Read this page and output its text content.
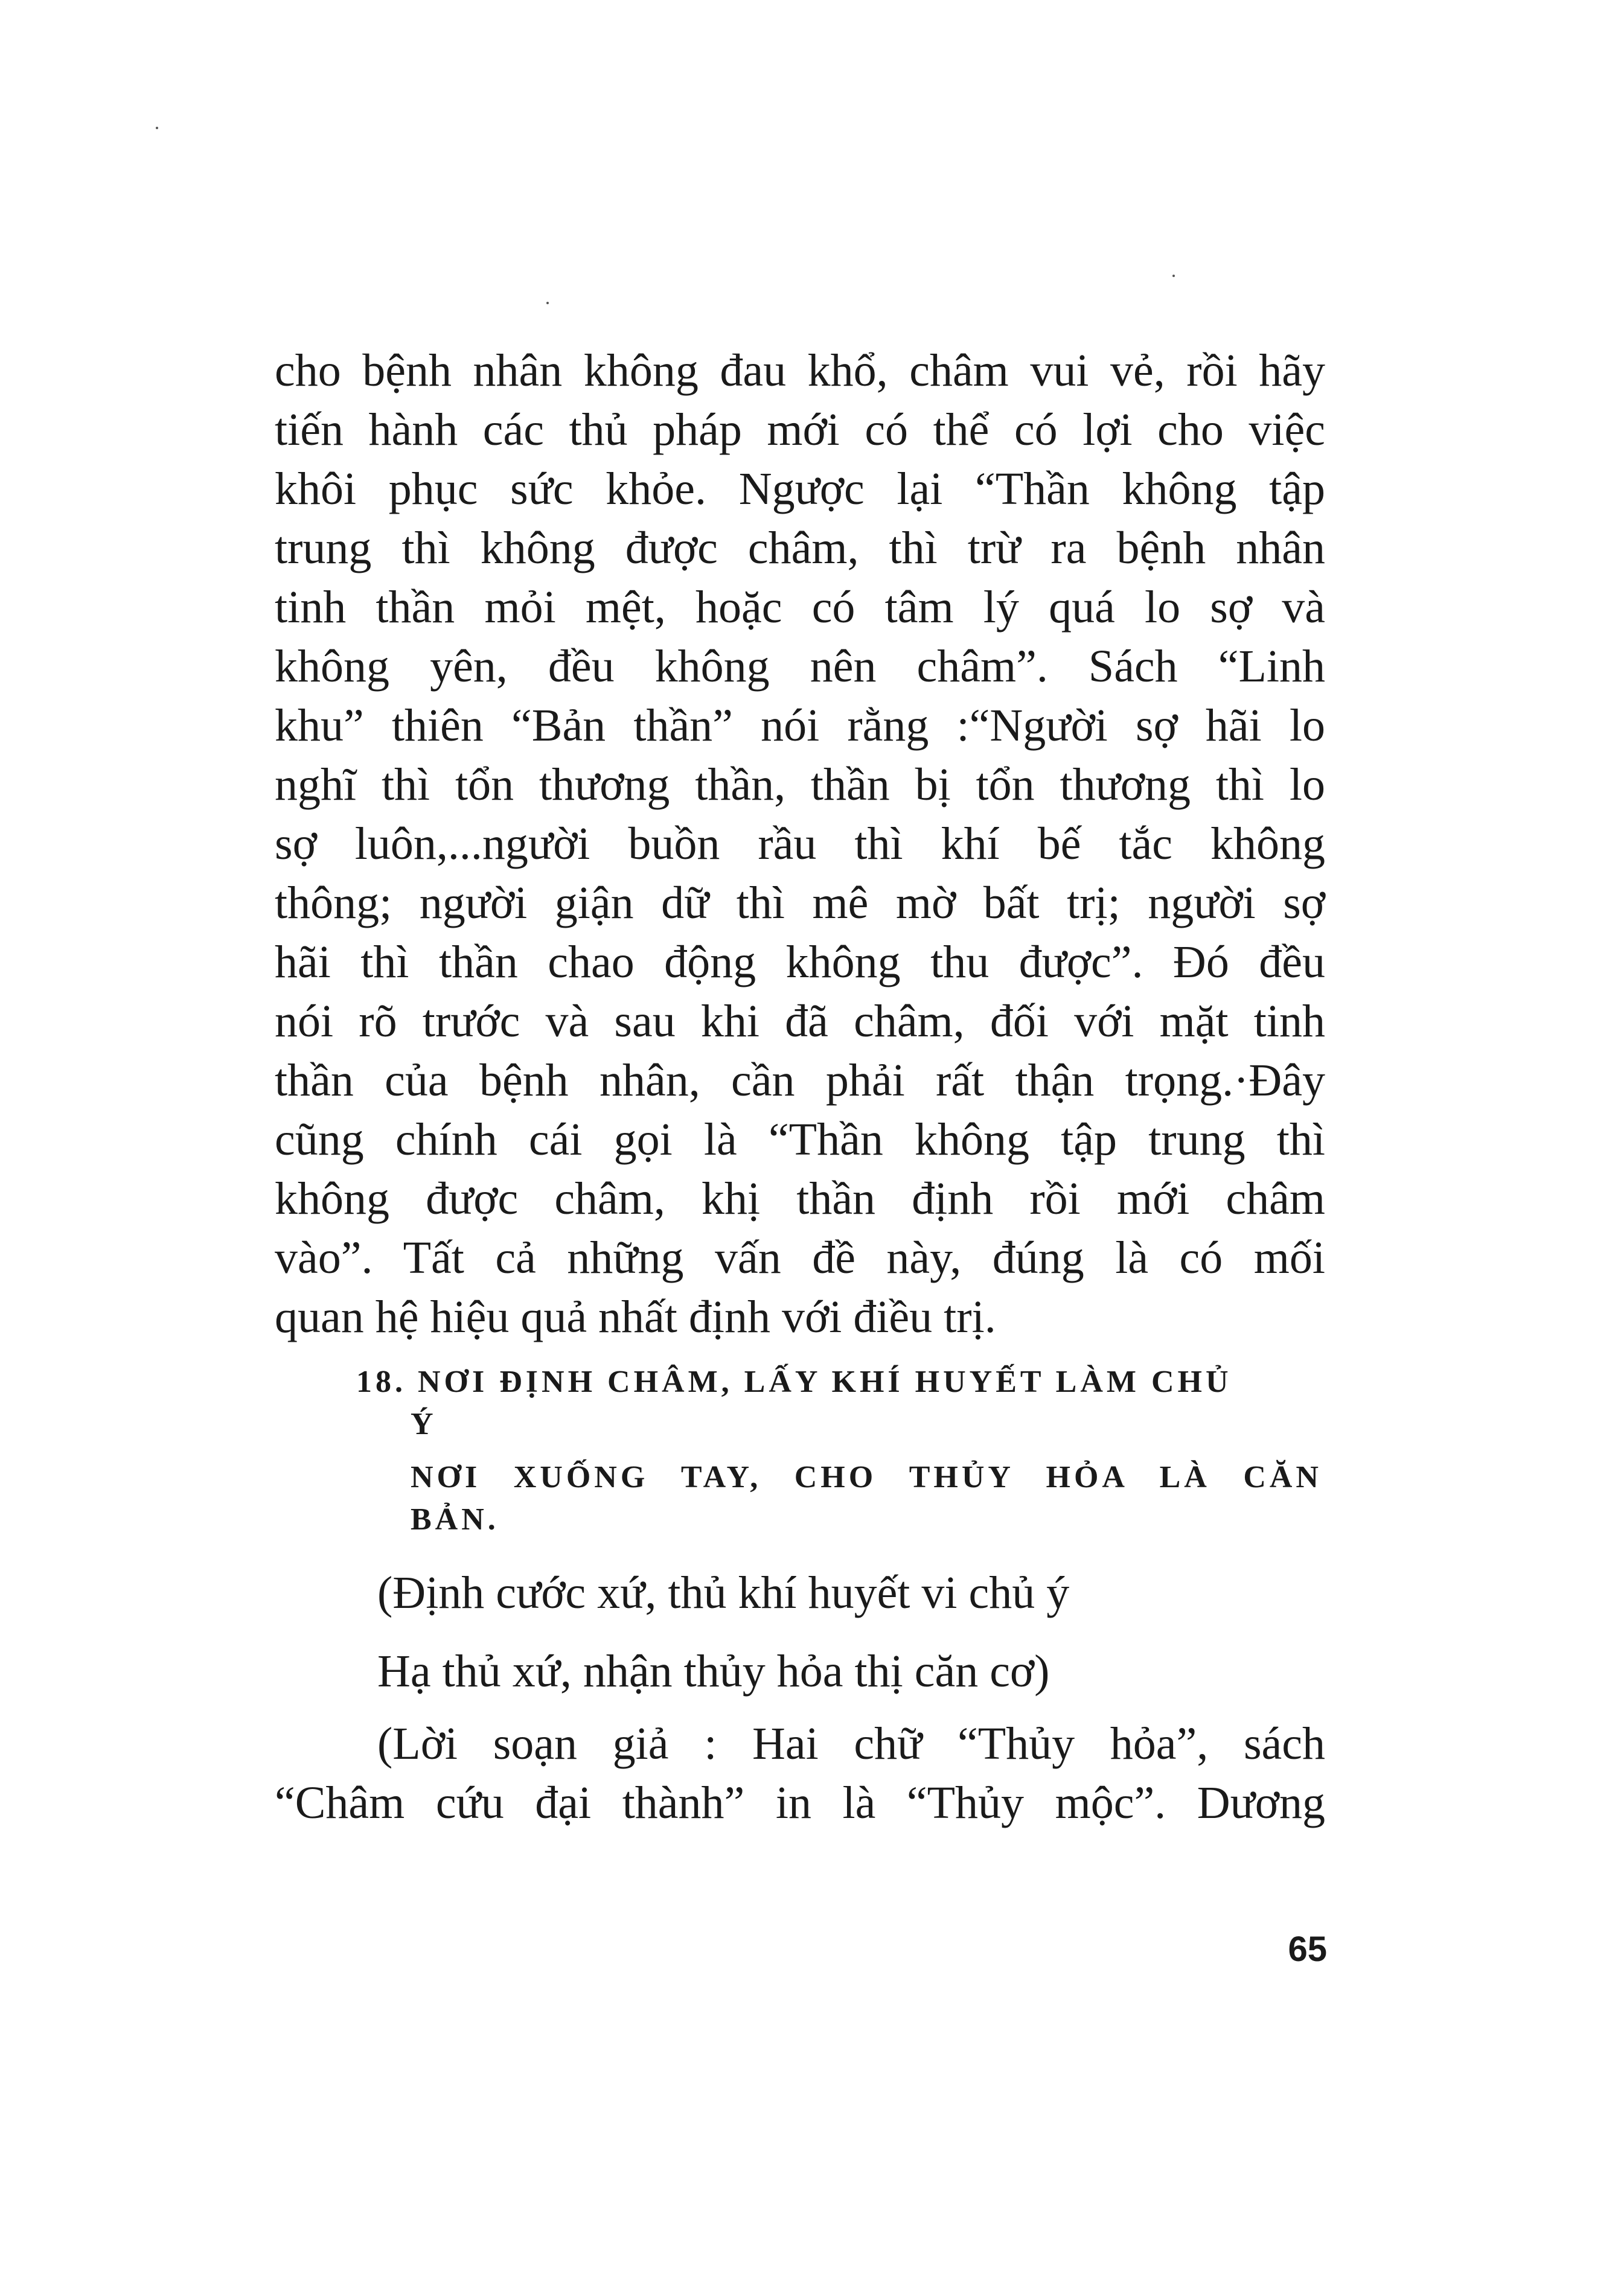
cho bệnh nhân không đau khổ, châm vui vẻ, rồi hãy
tiến hành các thủ pháp mới có thể có lợi cho việc
khôi phục sức khỏe. Ngược lại “Thần không tập
trung thì không được châm, thì trừ ra bệnh nhân
tinh thần mỏi mệt, hoặc có tâm lý quá lo sợ và
không yên, đều không nên châm”. Sách “Linh
khu” thiên “Bản thần” nói rằng :“Người sợ hãi lo
nghĩ thì tổn thương thần, thần bị tổn thương thì lo
sợ luôn,...người buồn rầu thì khí bế tắc không
thông; người giận dữ thì mê mờ bất trị; người sợ
hãi thì thần chao động không thu được”. Đó đều
nói rõ trước và sau khi đã châm, đối với mặt tinh
thần của bệnh nhân, cần phải rất thận trọng.·Đây
cũng chính cái gọi là “Thần không tập trung thì
không được châm, khị thần định rồi mới châm
vào”. Tất cả những vấn đề này, đúng là có mối
quan hệ hiệu quả nhất định với điều trị.
18. NƠI ĐỊNH CHÂM, LẤY KHÍ HUYẾT LÀM CHỦ
Ý
NƠI XUỐNG TAY, CHO THỦY HỎA LÀ CĂN
BẢN.
(Định cước xứ, thủ khí huyết vi chủ ý
Hạ thủ xứ, nhận thủy hỏa thị căn cơ)
(Lời soạn giả : Hai chữ “Thủy hỏa”, sách
“Châm cứu đại thành” in là “Thủy mộc”. Dương
65
